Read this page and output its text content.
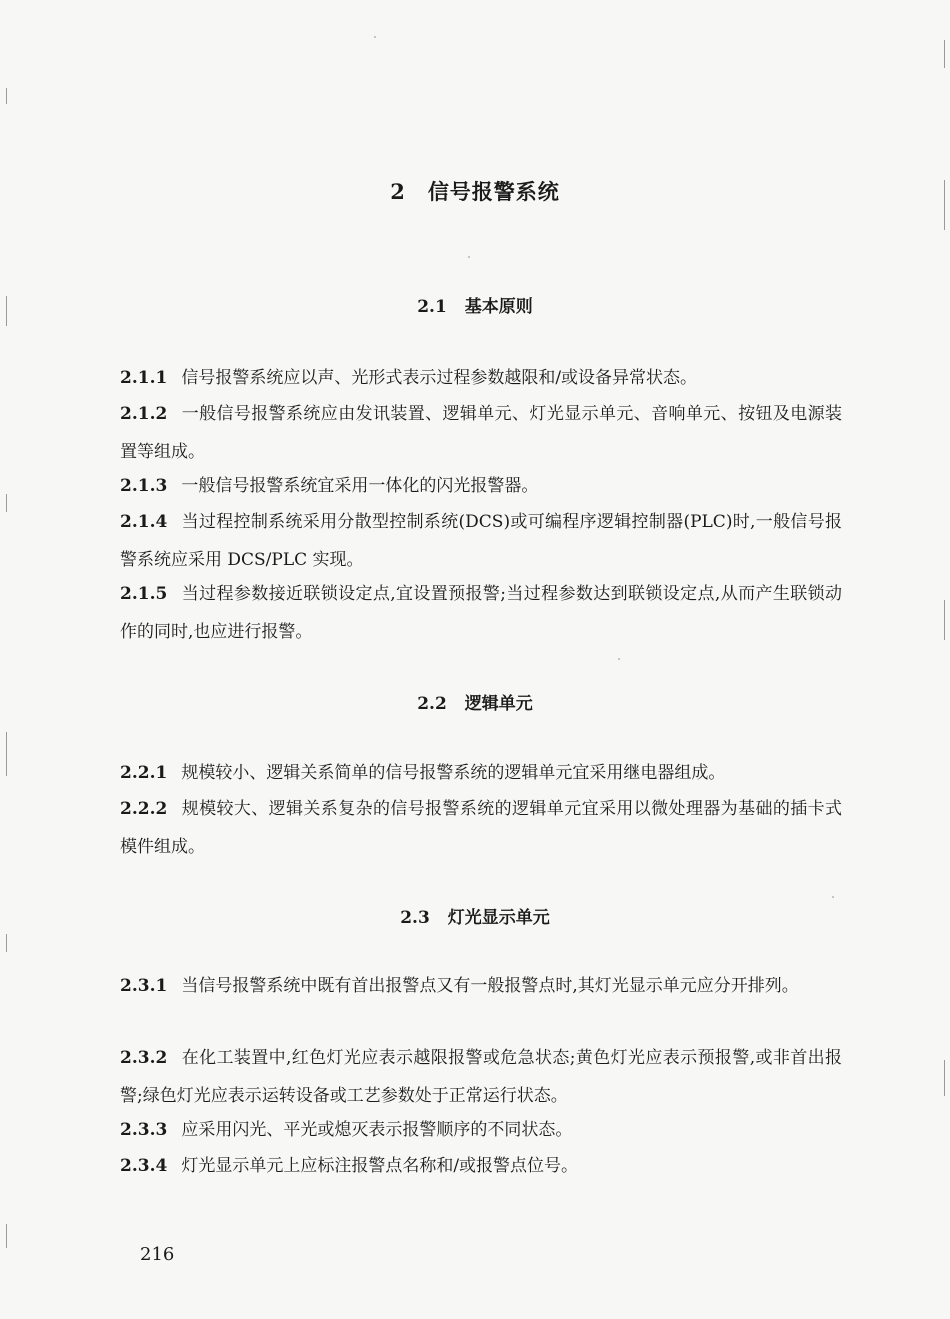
2 信号报警系统
2.1 基本原则
2.1.1 信号报警系统应以声、光形式表示过程参数越限和/或设备异常状态。
2.1.2 一般信号报警系统应由发讯装置、逻辑单元、灯光显示单元、音响单元、按钮及电源装置等组成。
2.1.3 一般信号报警系统宜采用一体化的闪光报警器。
2.1.4 当过程控制系统采用分散型控制系统(DCS)或可编程序逻辑控制器(PLC)时,一般信号报警系统应采用 DCS/PLC 实现。
2.1.5 当过程参数接近联锁设定点,宜设置预报警;当过程参数达到联锁设定点,从而产生联锁动作的同时,也应进行报警。
2.2 逻辑单元
2.2.1 规模较小、逻辑关系简单的信号报警系统的逻辑单元宜采用继电器组成。
2.2.2 规模较大、逻辑关系复杂的信号报警系统的逻辑单元宜采用以微处理器为基础的插卡式模件组成。
2.3 灯光显示单元
2.3.1 当信号报警系统中既有首出报警点又有一般报警点时,其灯光显示单元应分开排列。
2.3.2 在化工装置中,红色灯光应表示越限报警或危急状态;黄色灯光应表示预报警,或非首出报警;绿色灯光应表示运转设备或工艺参数处于正常运行状态。
2.3.3 应采用闪光、平光或熄灭表示报警顺序的不同状态。
2.3.4 灯光显示单元上应标注报警点名称和/或报警点位号。
216
